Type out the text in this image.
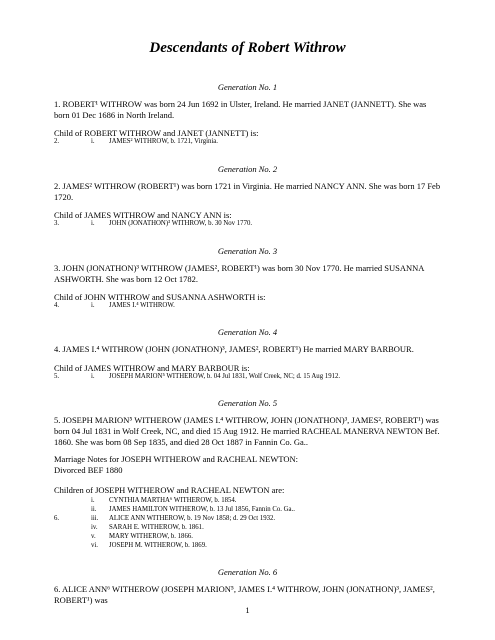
Descendants of Robert Withrow
Generation No. 1
1. ROBERT¹ WITHROW was born 24 Jun 1692 in Ulster, Ireland. He married JANET (JANNETT). She was born 01 Dec 1686 in North Ireland.
Child of ROBERT WITHROW and JANET (JANNETT) is:
2.	i. JAMES² WITHROW, b. 1721, Virginia.
Generation No. 2
2. JAMES² WITHROW (ROBERT¹) was born 1721 in Virginia. He married NANCY ANN. She was born 17 Feb 1720.
Child of JAMES WITHROW and NANCY ANN is:
3.	i. JOHN (JONATHON)³ WITHROW, b. 30 Nov 1770.
Generation No. 3
3. JOHN (JONATHON)³ WITHROW (JAMES², ROBERT¹) was born 30 Nov 1770. He married SUSANNA ASHWORTH. She was born 12 Oct 1782.
Child of JOHN WITHROW and SUSANNA ASHWORTH is:
4.	i. JAMES I.⁴ WITHROW.
Generation No. 4
4. JAMES I.⁴ WITHROW (JOHN (JONATHON)³, JAMES², ROBERT¹) He married MARY BARBOUR.
Child of JAMES WITHROW and MARY BARBOUR is:
5.	i. JOSEPH MARION⁵ WITHEROW, b. 04 Jul 1831, Wolf Creek, NC; d. 15 Aug 1912.
Generation No. 5
5. JOSEPH MARION⁵ WITHEROW (JAMES I.⁴ WITHROW, JOHN (JONATHON)³, JAMES², ROBERT¹) was born 04 Jul 1831 in Wolf Creek, NC, and died 15 Aug 1912. He married RACHEAL MANERVA NEWTON Bef. 1860. She was born 08 Sep 1835, and died 28 Oct 1887 in Fannin Co. Ga..
Marriage Notes for JOSEPH WITHEROW and RACHEAL NEWTON:
Divorced BEF 1880
Children of JOSEPH WITHEROW and RACHEAL NEWTON are:
i. CYNTHIA MARTHA⁶ WITHEROW, b. 1854.
ii. JAMES HAMILTON WITHEROW, b. 13 Jul 1856, Fannin Co. Ga..
6.	iii. ALICE ANN WITHEROW, b. 19 Nov 1858; d. 29 Oct 1932.
iv. SARAH E. WITHEROW, b. 1861.
v. MARY WITHEROW, b. 1866.
vi. JOSEPH M. WITHEROW, b. 1869.
Generation No. 6
6. ALICE ANN⁶ WITHEROW (JOSEPH MARION⁵, JAMES I.⁴ WITHROW, JOHN (JONATHON)³, JAMES², ROBERT¹) was
1
